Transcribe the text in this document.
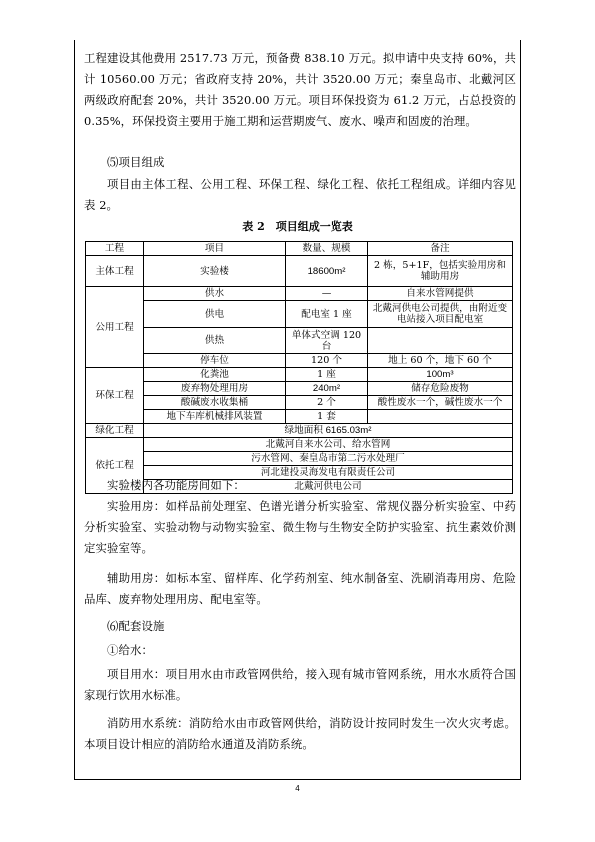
工程建设其他费用 2517.73 万元，预备费 838.10 万元。拟申请中央支持 60%，共计 10560.00 万元；省政府支持 20%，共计 3520.00 万元；秦皇岛市、北戴河区两级政府配套 20%，共计 3520.00 万元。项目环保投资为 61.2 万元，占总投资的 0.35%，环保投资主要用于施工期和运营期废气、废水、噪声和固废的治理。

⑸项目组成

项目由主体工程、公用工程、环保工程、绿化工程、依托工程组成。详细内容见表 2。

表 2　项目组成一览表
工程	项目	数量、规模	备注
主体工程	实验楼	18600m²	2 栋，5+1F，包括实验用房和辅助用房
公用工程	供水	—	自来水管网提供
	供电	配电室 1 座	北戴河供电公司提供，由附近变电站接入项目配电室
	供热	单体式空调 120 台	
	停车位	120 个	地上 60 个，地下 60 个
环保工程	化粪池	1 座	100m³
	废弃物处理用房	240m²	储存危险废物
	酸碱废水收集桶	2 个	酸性废水一个，碱性废水一个
	地下车库机械排风装置	1 套	
绿化工程	绿地面积 6165.03m²		
依托工程	北戴河自来水公司、给水管网		
	污水管网、秦皇岛市第二污水处理厂		
	河北建投灵海发电有限责任公司		
	北戴河供电公司		

实验楼内各功能房间如下：

实验用房：如样品前处理室、色谱光谱分析实验室、常规仪器分析实验室、中药分析实验室、实验动物与动物实验室、微生物与生物安全防护实验室、抗生素效价测定实验室等。

辅助用房：如标本室、留样库、化学药剂室、纯水制备室、洗刷消毒用房、危险品库、废弃物处理用房、配电室等。

⑹配套设施

①给水：

项目用水：项目用水由市政管网供给，接入现有城市管网系统，用水水质符合国家现行饮用水标准。

消防用水系统：消防给水由市政管网供给，消防设计按同时发生一次火灾考虑。本项目设计相应的消防给水通道及消防系统。

4
